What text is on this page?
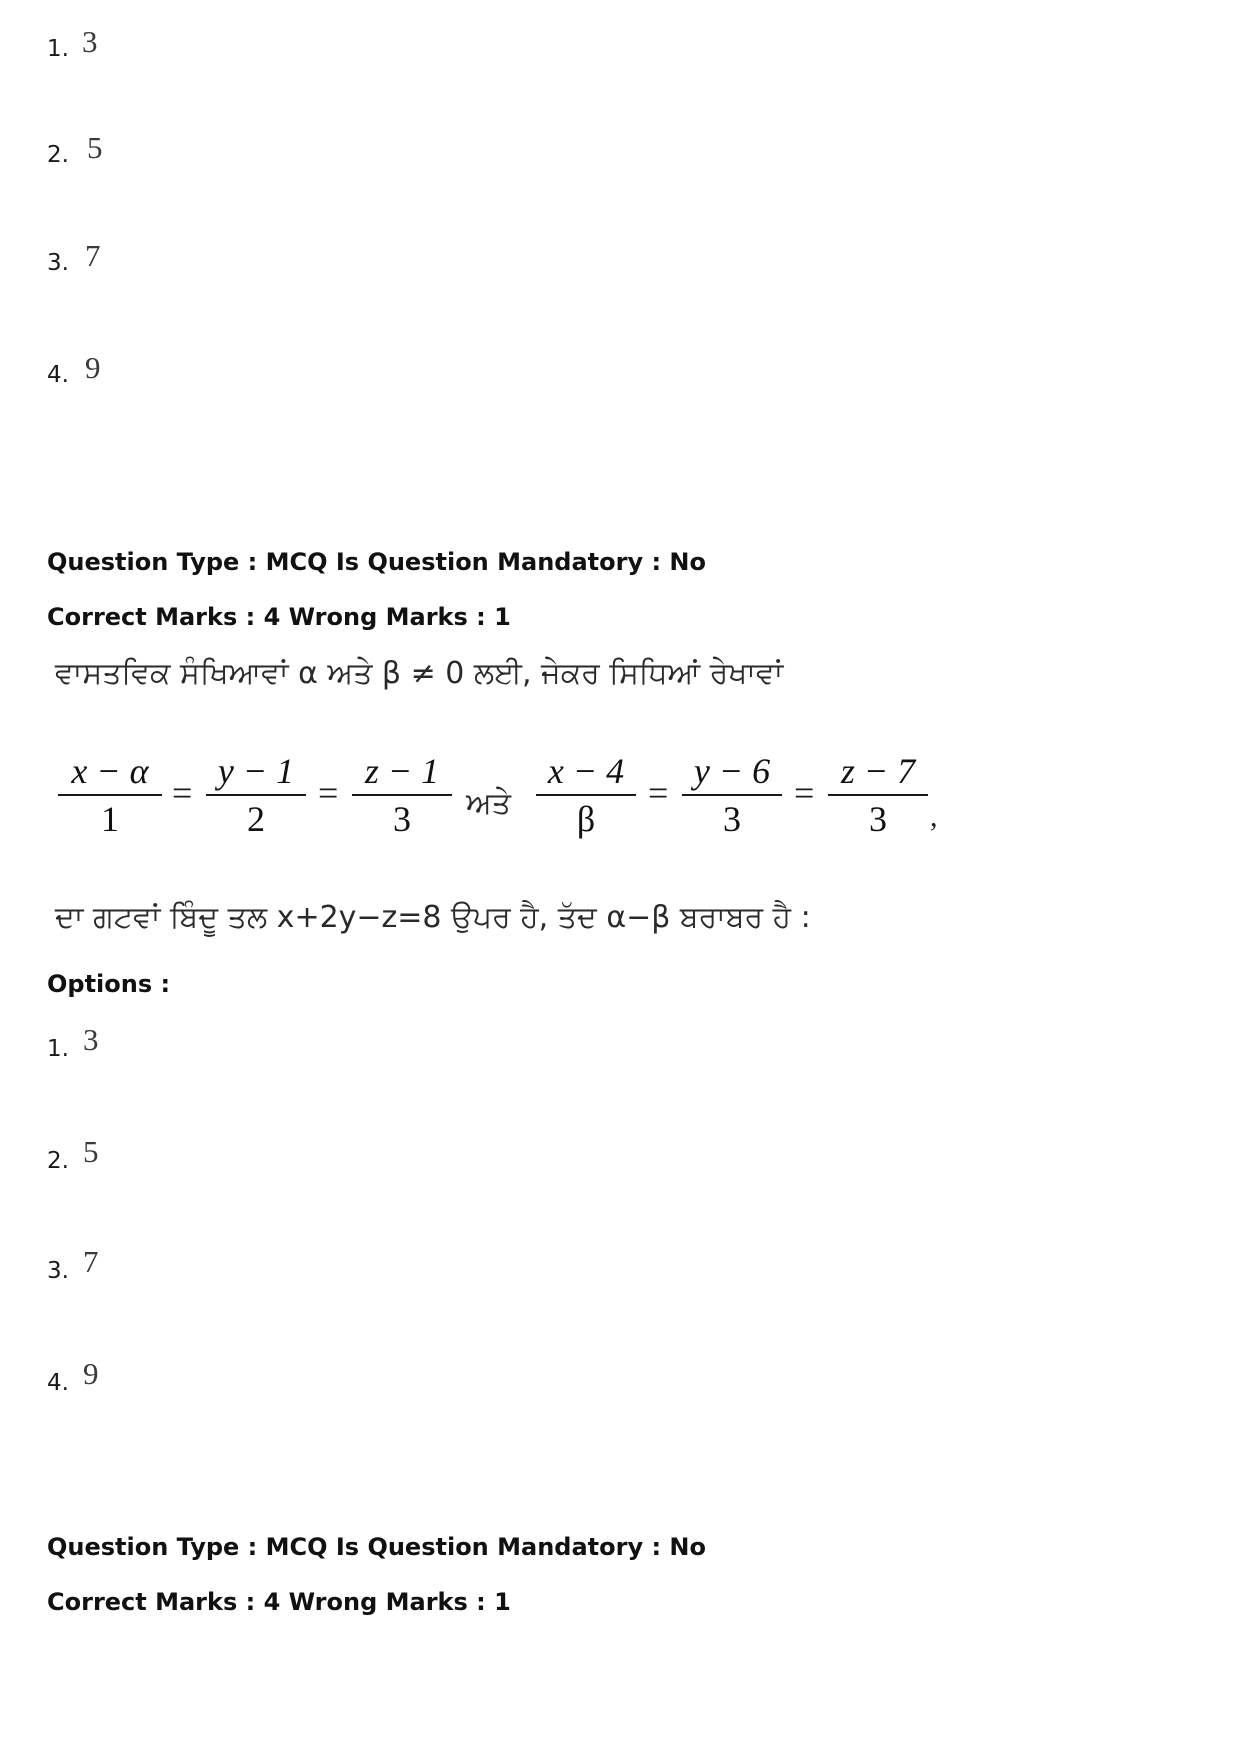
1. 3
2. 5
3. 7
4. 9
Question Type : MCQ Is Question Mandatory : No
Correct Marks : 4 Wrong Marks : 1
ਵਾਸਤਵਿਕ ਸੰਖਿਆਵਾਂ α ਅਤੇ β ≠ 0 ਲਈ, ਜੇਕਰ ਸਿਧਿਆਂ ਰੇਖਾਵਾਂ
$\frac{x - \alpha}{1} = \frac{y - 1}{2} = \frac{z - 1}{3}$ ਅਤੇ $\frac{x - 4}{\beta} = \frac{y - 6}{3} = \frac{z - 7}{3}$ ,
ਦਾ ਗਟਵਾਂ ਬਿੰਦੂ ਤਲ x+2y−z=8 ਉਪਰ ਹੈ, ਤੱਦ α−β ਬਰਾਬਰ ਹੈ :
Options :
1. 3
2. 5
3. 7
4. 9
Question Type : MCQ Is Question Mandatory : No
Correct Marks : 4 Wrong Marks : 1
